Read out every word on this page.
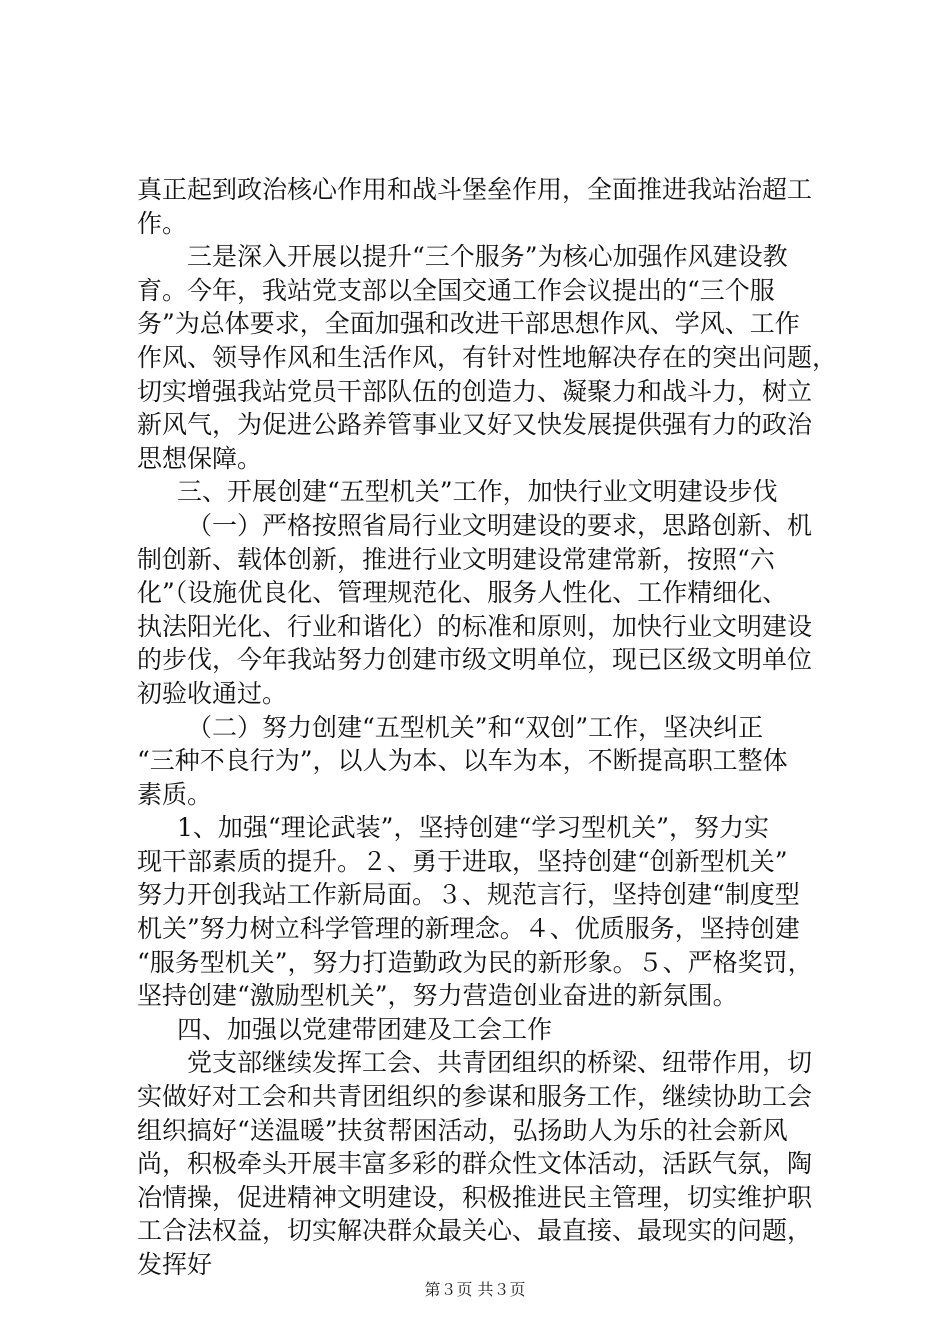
真正起到政治核心作用和战斗堡垒作用，全面推进我站治超工
作。
三是深入开展以提升“三个服务”为核心加强作风建设教
育。今年，我站党支部以全国交通工作会议提出的“三个服
务”为总体要求，全面加强和改进干部思想作风、学风、工作
作风、领导作风和生活作风，有针对性地解决存在的突出问题，
切实增强我站党员干部队伍的创造力、凝聚力和战斗力，树立
新风气，为促进公路养管事业又好又快发展提供强有力的政治
思想保障。
三、开展创建“五型机关”工作，加快行业文明建设步伐
（一）严格按照省局行业文明建设的要求，思路创新、机
制创新、载体创新，推进行业文明建设常建常新，按照“六
化”（设施优良化、管理规范化、服务人性化、工作精细化、
执法阳光化、行业和谐化）的标准和原则，加快行业文明建设
的步伐，今年我站努力创建市级文明单位，现已区级文明单位
初验收通过。
（二）努力创建“五型机关”和“双创”工作，坚决纠正
“三种不良行为”，以人为本、以车为本，不断提高职工整体
素质。
1、加强“理论武装”，坚持创建“学习型机关”，努力实
现干部素质的提升。２、勇于进取，坚持创建“创新型机关”
努力开创我站工作新局面。３、规范言行，坚持创建“制度型
机关”努力树立科学管理的新理念。４、优质服务，坚持创建
“服务型机关”，努力打造勤政为民的新形象。５、严格奖罚，
坚持创建“激励型机关”，努力营造创业奋进的新氛围。
四、加强以党建带团建及工会工作
党支部继续发挥工会、共青团组织的桥梁、纽带作用，切
实做好对工会和共青团组织的参谋和服务工作，继续协助工会
组织搞好“送温暖”扶贫帮困活动，弘扬助人为乐的社会新风
尚，积极牵头开展丰富多彩的群众性文体活动，活跃气氛，陶
冶情操，促进精神文明建设，积极推进民主管理，切实维护职
工合法权益，切实解决群众最关心、最直接、最现实的问题，
发挥好
第３页 共３页
